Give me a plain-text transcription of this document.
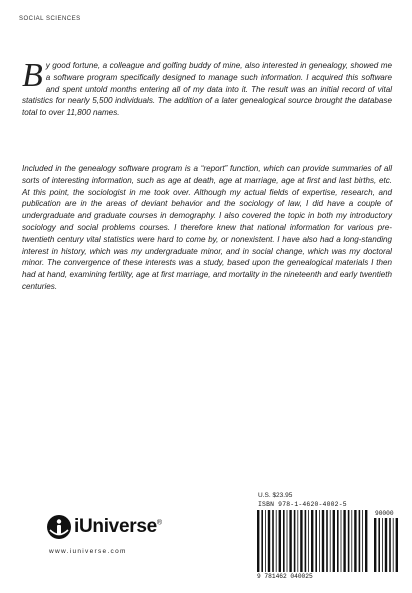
SOCIAL SCIENCES
By good fortune, a colleague and golfing buddy of mine, also interested in genealogy, showed me a software program specifically designed to manage such information. I acquired this software and spent untold months entering all of my data into it. The result was an initial record of vital statistics for nearly 5,500 individuals. The addition of a later genealogical source brought the database total to over 11,800 names.
Included in the genealogy software program is a “report” function, which can provide summaries of all sorts of interesting information, such as age at death, age at marriage, age at first and last births, etc. At this point, the sociologist in me took over. Although my actual fields of expertise, research, and publication are in the areas of deviant behavior and the sociology of law, I did have a couple of undergraduate and graduate courses in demography. I also covered the topic in both my introductory sociology and social problems courses. I therefore knew that national information for various pre-twentieth century vital statistics were hard to come by, or nonexistent. I have also had a long-standing interest in history, which was my undergraduate minor, and in social change, which was my doctoral minor. The convergence of these interests was a study, based upon the genealogical materials I then had at hand, examining fertility, age at first marriage, and mortality in the nineteenth and early twentieth centuries.
iUniverse®
www.iuniverse.com
U.S. $23.95
ISBN 978-1-4620-4002-5
90000
9 781462 040025
